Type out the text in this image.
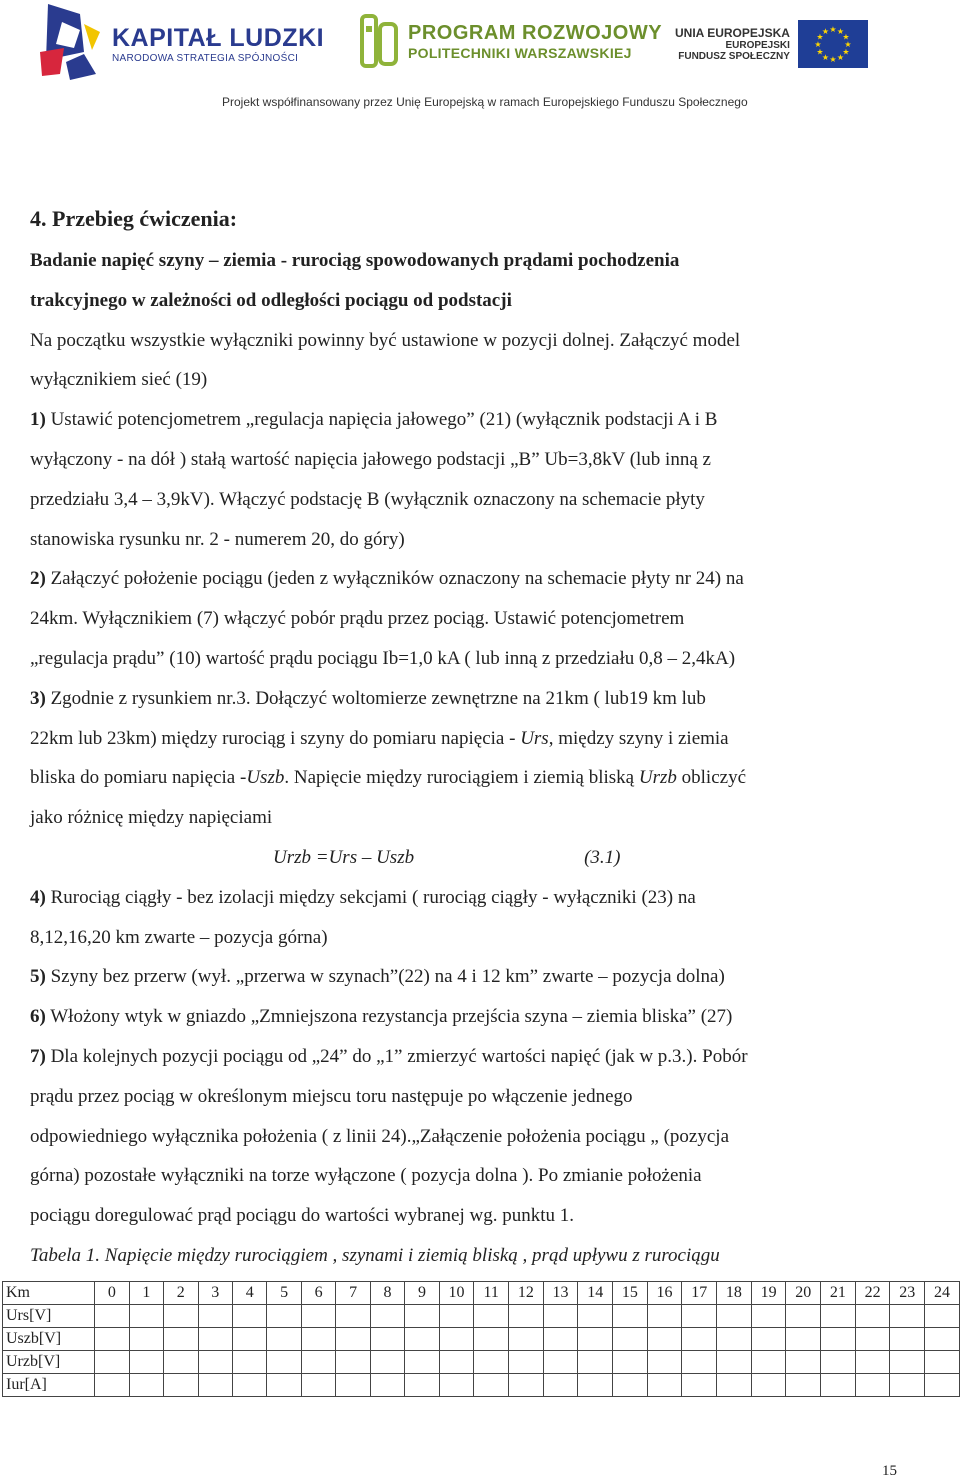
KAPITAŁ LUDZKI
NARODOWA STRATEGIA SPÓJNOŚCI
PROGRAM ROZWOJOWY
POLITECHNIKI WARSZAWSKIEJ
UNIA EUROPEJSKA
EUROPEJSKI
FUNDUSZ SPOŁECZNY
★
★
★
★
★
★
★
★
★ ★ ★
★
Projekt współfinansowany przez Unię Europejską w ramach Europejskiego Funduszu Społecznego
4. Przebieg ćwiczenia:
Badanie napięć szyny – ziemia - rurociąg spowodowanych prądami pochodzenia
trakcyjnego w zależności od odległości pociągu od podstacji
Na początku wszystkie wyłączniki powinny być ustawione w pozycji dolnej. Załączyć model
wyłącznikiem sieć (19)
1) Ustawić potencjometrem „regulacja napięcia jałowego” (21) (wyłącznik podstacji A i B
wyłączony - na dół ) stałą wartość napięcia jałowego podstacji „B” Ub=3,8kV (lub inną z
przedziału 3,4 – 3,9kV). Włączyć podstację B (wyłącznik oznaczony na schemacie płyty
stanowiska rysunku nr. 2 - numerem 20, do góry)
2) Załączyć położenie pociągu (jeden z wyłączników oznaczony na schemacie płyty nr 24) na
24km. Wyłącznikiem (7) włączyć pobór prądu przez pociąg. Ustawić potencjometrem
„regulacja prądu” (10) wartość prądu pociągu Ib=1,0 kA ( lub inną z przedziału 0,8 – 2,4kA)
3) Zgodnie z rysunkiem nr.3. Dołączyć woltomierze zewnętrzne na 21km ( lub19 km lub
22km lub 23km) między rurociąg i szyny do pomiaru napięcia - Urs, między szyny i ziemia
bliska do pomiaru napięcia -Uszb. Napięcie między rurociągiem i ziemią bliską Urzb obliczyć
jako różnicę między napięciami
Urzb =Urs – Uszb	(3.1)
4) Rurociąg ciągły - bez izolacji między sekcjami ( rurociąg ciągły - wyłączniki (23) na
8,12,16,20 km zwarte – pozycja górna)
5) Szyny bez przerw (wył. „przerwa w szynach”(22) na 4 i 12 km” zwarte – pozycja dolna)
6) Włożony wtyk w gniazdo „Zmniejszona rezystancja przejścia szyna – ziemia bliska” (27)
7) Dla kolejnych pozycji pociągu od „24” do „1” zmierzyć wartości napięć (jak w p.3.). Pobór
prądu przez pociąg w określonym miejscu toru następuje po włączenie jednego
odpowiedniego wyłącznika położenia ( z linii 24).„Załączenie położenia pociągu „ (pozycja
górna) pozostałe wyłączniki na torze wyłączone ( pozycja dolna ). Po zmianie położenia
pociągu doregulować prąd pociągu do wartości wybranej wg. punktu 1.
Tabela 1. Napięcie między rurociągiem , szynami i ziemią bliską , prąd upływu z rurociągu
Km	0	1	2	3	4	5	6	7	8	9	10	11	12	13	14	15	16	17	18	19	20	21	22	23	24
Urs[V]																									
Uszb[V]																									
Urzb[V]																									
Iur[A]																									
15
